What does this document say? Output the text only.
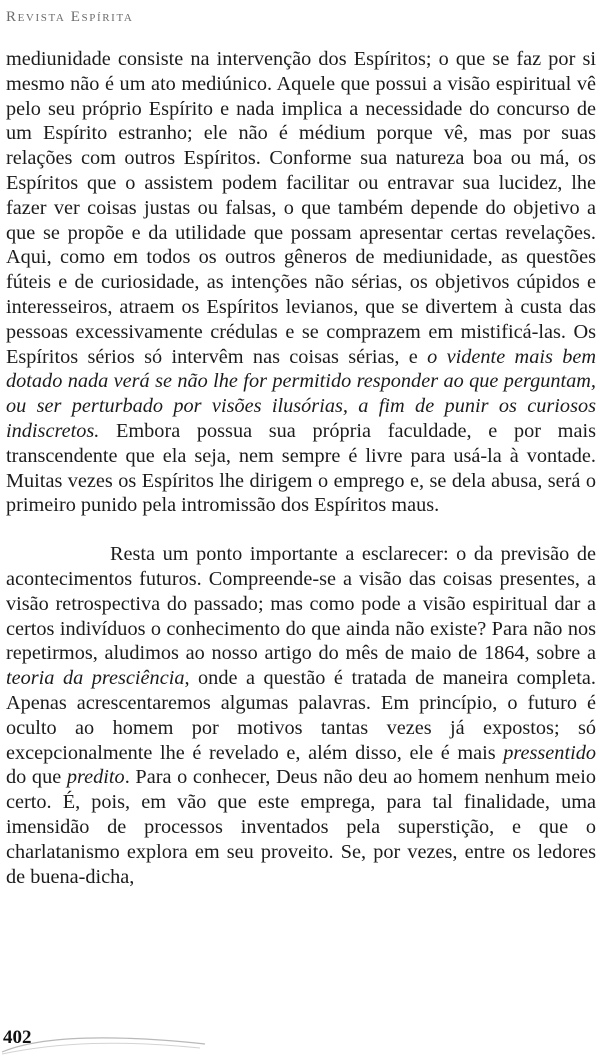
Revista Espírita

mediunidade consiste na intervenção dos Espíritos; o que se faz por si mesmo não é um ato mediúnico. Aquele que possui a visão espiritual vê pelo seu próprio Espírito e nada implica a necessidade do concurso de um Espírito estranho; ele não é médium porque vê, mas por suas relações com outros Espíritos. Conforme sua natureza boa ou má, os Espíritos que o assistem podem facilitar ou entravar sua lucidez, lhe fazer ver coisas justas ou falsas, o que também depende do objetivo a que se propõe e da utilidade que possam apresentar certas revelações. Aqui, como em todos os outros gêneros de mediunidade, as questões fúteis e de curiosidade, as intenções não sérias, os objetivos cúpidos e interesseiros, atraem os Espíritos levianos, que se divertem à custa das pessoas excessivamente crédulas e se comprazem em mistificá-las. Os Espíritos sérios só intervêm nas coisas sérias, e o vidente mais bem dotado nada verá se não lhe for permitido responder ao que perguntam, ou ser perturbado por visões ilusórias, a fim de punir os curiosos indiscretos. Embora possua sua própria faculdade, e por mais transcendente que ela seja, nem sempre é livre para usá-la à vontade. Muitas vezes os Espíritos lhe dirigem o emprego e, se dela abusa, será o primeiro punido pela intromissão dos Espíritos maus.

Resta um ponto importante a esclarecer: o da previsão de acontecimentos futuros. Compreende-se a visão das coisas presentes, a visão retrospectiva do passado; mas como pode a visão espiritual dar a certos indivíduos o conhecimento do que ainda não existe? Para não nos repetirmos, aludimos ao nosso artigo do mês de maio de 1864, sobre a teoria da presciência, onde a questão é tratada de maneira completa. Apenas acrescentaremos algumas palavras. Em princípio, o futuro é oculto ao homem por motivos tantas vezes já expostos; só excepcionalmente lhe é revelado e, além disso, ele é mais pressentido do que predito. Para o conhecer, Deus não deu ao homem nenhum meio certo. É, pois, em vão que este emprega, para tal finalidade, uma imensidão de processos inventados pela superstição, e que o charlatanismo explora em seu proveito. Se, por vezes, entre os ledores de buena-dicha,

402
